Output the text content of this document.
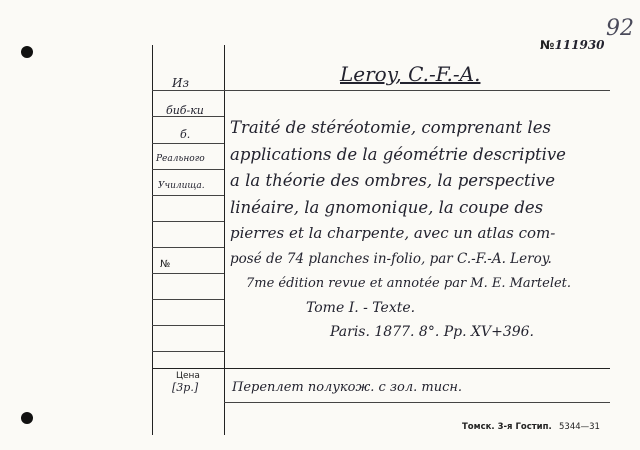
№111930
92
Из
биб-ки
б.
Реального
Училища.
№
Цена
[3р.]
Leroy, C.-F.-A.
Traité de stéréotomie, comprenant les
applications de la géométrie descriptive
a la théorie des ombres, la perspective
linéaire, la gnomonique, la coupe des
pierres et la charpente, avec un atlas com-
posé de 74 planches in-folio, par C.-F.-A. Leroy.
7me édition revue et annotée par M. E. Martelet.
Tome I. - Texte.
Paris. 1877. 8°. Pp. XV+396.
Переплет полукож. с зол. тисн.
Томск. 3-я Гостип. 5344—31
